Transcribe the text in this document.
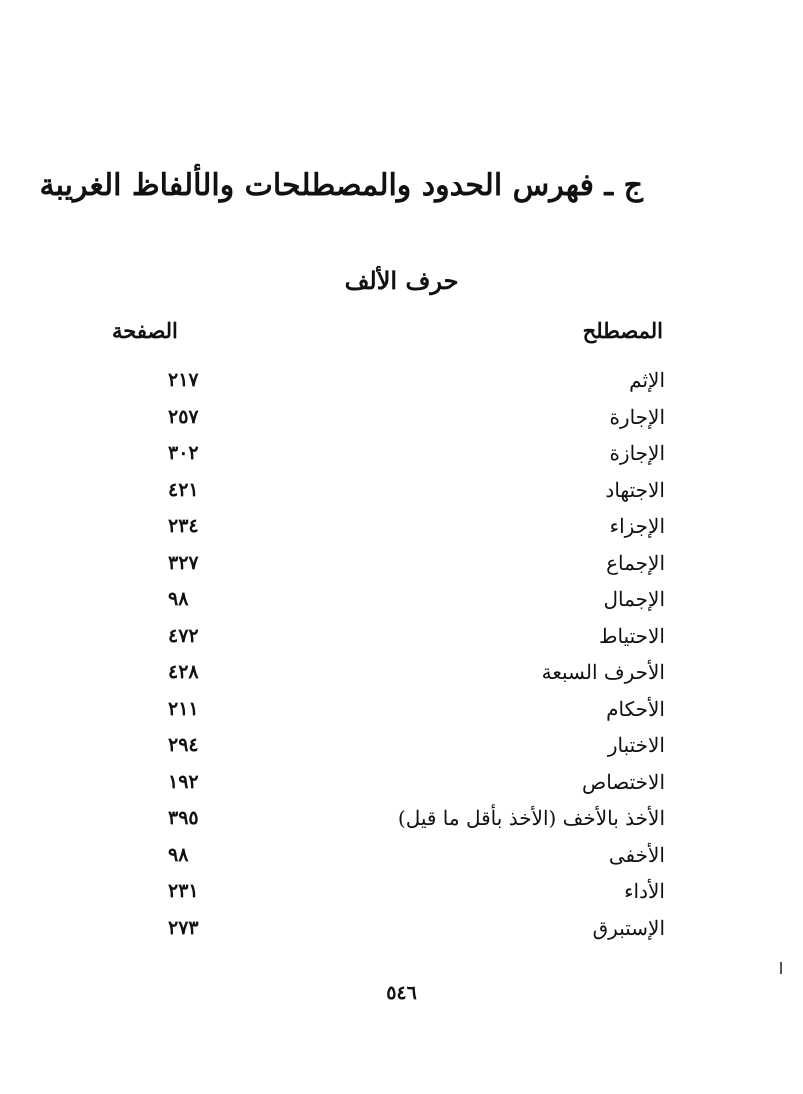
ج ـ فهرس الحدود والمصطلحات والألفاظ الغريبة
حرف الألف
المصطلح
الصفحة
الإثم
٢١٧
الإجارة
٢٥٧
الإجازة
٣٠٢
الاجتهاد
٤٢١
الإجزاء
٢٣٤
الإجماع
٣٢٧
الإجمال
٩٨
الاحتياط
٤٧٢
الأحرف السبعة
٤٢٨
الأحكام
٢١١
الاختبار
٢٩٤
الاختصاص
١٩٢
الأخذ بالأخف (الأخذ بأقل ما قيل)
٣٩٥
الأخفى
٩٨
الأداء
٢٣١
الإستبرق
٢٧٣
٥٤٦
